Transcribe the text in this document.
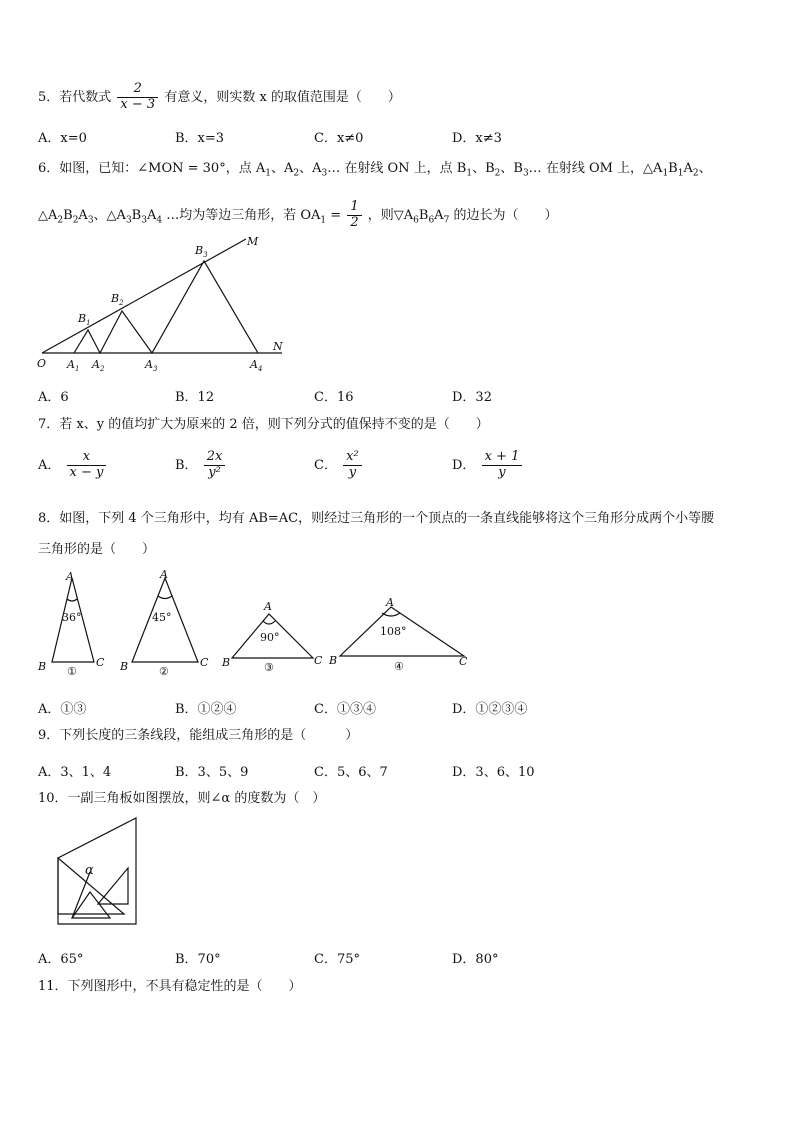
5．若代数式 $\frac{2}{x - 3}$ 有意义，则实数 x 的取值范围是（　　）
A．x=0	B．x=3	C．x≠0	D．x≠3
6．如图，已知：∠MON = 30°，点 $A_1$、$A_2$、$A_3\dots$ 在射线 ON 上，点 $B_1$、$B_2$、$B_3\dots$ 在射线 OM 上，$\triangle A_1B_1A_2$、
$\triangle A_2B_2A_3$、$\triangle A_3B_3A_4$ …均为等边三角形，若 $OA_1 = \frac{1}{2}$ ，则$▽A_6B_6A_7$ 的边长为（　　）
O
M
N
$A_1$ $A_2$	$A_3$	$A_4$
$B_1$
$B_2$
$B_3$
A．6	B．12	C．16	D．32
7．若 x、y 的值均扩大为原来的 2 倍，则下列分式的值保持不变的是（　　）
A． $\frac{x}{x - y}$	B． $\frac{2x}{\text{y²}}$	C． $\frac{\text{x²}}{y}$	D． $\frac{x + 1}{y}$
8．如图，下列 4 个三角形中，均有 AB=AC，则经过三角形的一个顶点的一条直线能够将这个三角形分成两个小等腰
三角形的是（　　）
A
36°
B	C
①
A
45°
B	C
②
A
90°
B	C
③
A
108°
B	C
④
A．①③	B．①②④	C．①③④	D．①②③④
9．下列长度的三条线段，能组成三角形的是（　　　）
A．3、1、4	B．3、5、9	C．5、6、7	D．3、6、10
10．一副三角板如图摆放，则∠α 的度数为（　）
α
A．65°	B．70°	C．75°	D．80°
11．下列图形中，不具有稳定性的是（　　）
